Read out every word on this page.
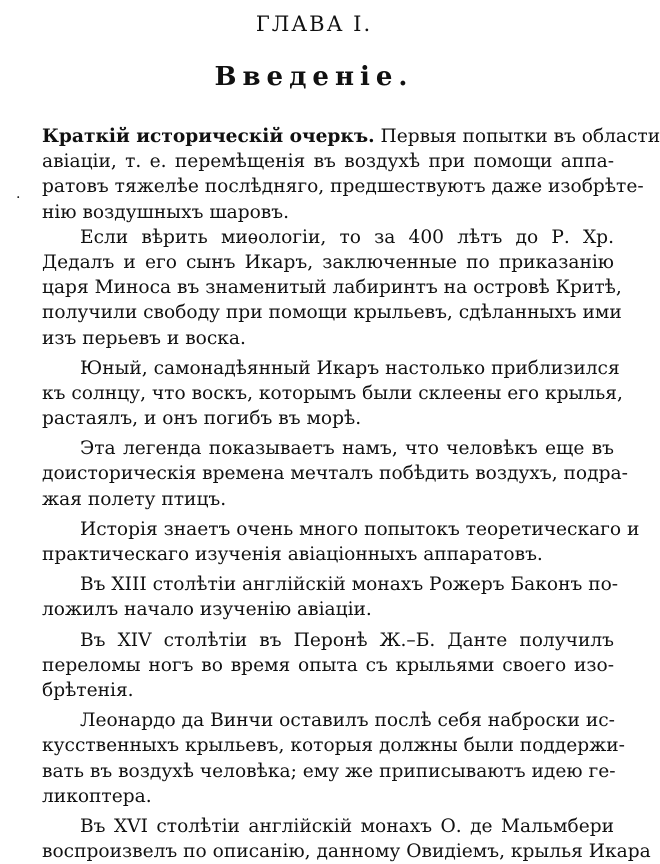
ГЛАВА I.
Введенiе.
.
Краткiй историческiй очеркъ. Первыя попытки въ области
авiацiи, т. е. перемѣщенiя въ воздухѣ при помощи аппа-
ратовъ тяжелѣе послѣдняго, предшествуютъ даже изобрѣте-
нiю воздушныхъ шаровъ.
Если вѣрить миѳологiи, то за 400 лѣтъ до Р. Хр.
Дедалъ и его сынъ Икаръ, заключенные по приказанiю
царя Миноса въ знаменитый лабиринтъ на островѣ Критѣ,
получили свободу при помощи крыльевъ, сдѣланныхъ ими
изъ перьевъ и воска.
Юный, самонадѣянный Икаръ настолько приблизился
къ солнцу, что воскъ, которымъ были склеены его крылья,
растаялъ, и онъ погибъ въ морѣ.
Эта легенда показываетъ намъ, что человѣкъ еще въ
доисторическiя времена мечталъ побѣдить воздухъ, подра-
жая полету птицъ.
Исторiя знаетъ очень много попытокъ теоретическаго и
практическаго изученiя авiацiонныхъ аппаратовъ.
Въ XIII столѣтiи англiйскiй монахъ Рожеръ Баконъ по-
ложилъ начало изученiю авiацiи.
Въ XIV столѣтiи въ Перонѣ Ж.–Б. Данте получилъ
переломы ногъ во время опыта съ крыльями своего изо-
брѣтенiя.
Леонардо да Винчи оставилъ послѣ себя наброски ис-
кусственныхъ крыльевъ, которыя должны были поддержи-
вать въ воздухѣ человѣка; ему же приписываютъ идею ге-
ликоптера.
Въ XVI столѣтiи англiйскiй монахъ О. де Мальмбери
воспроизвелъ по описанiю, данному Овидiемъ, крылья Икара
